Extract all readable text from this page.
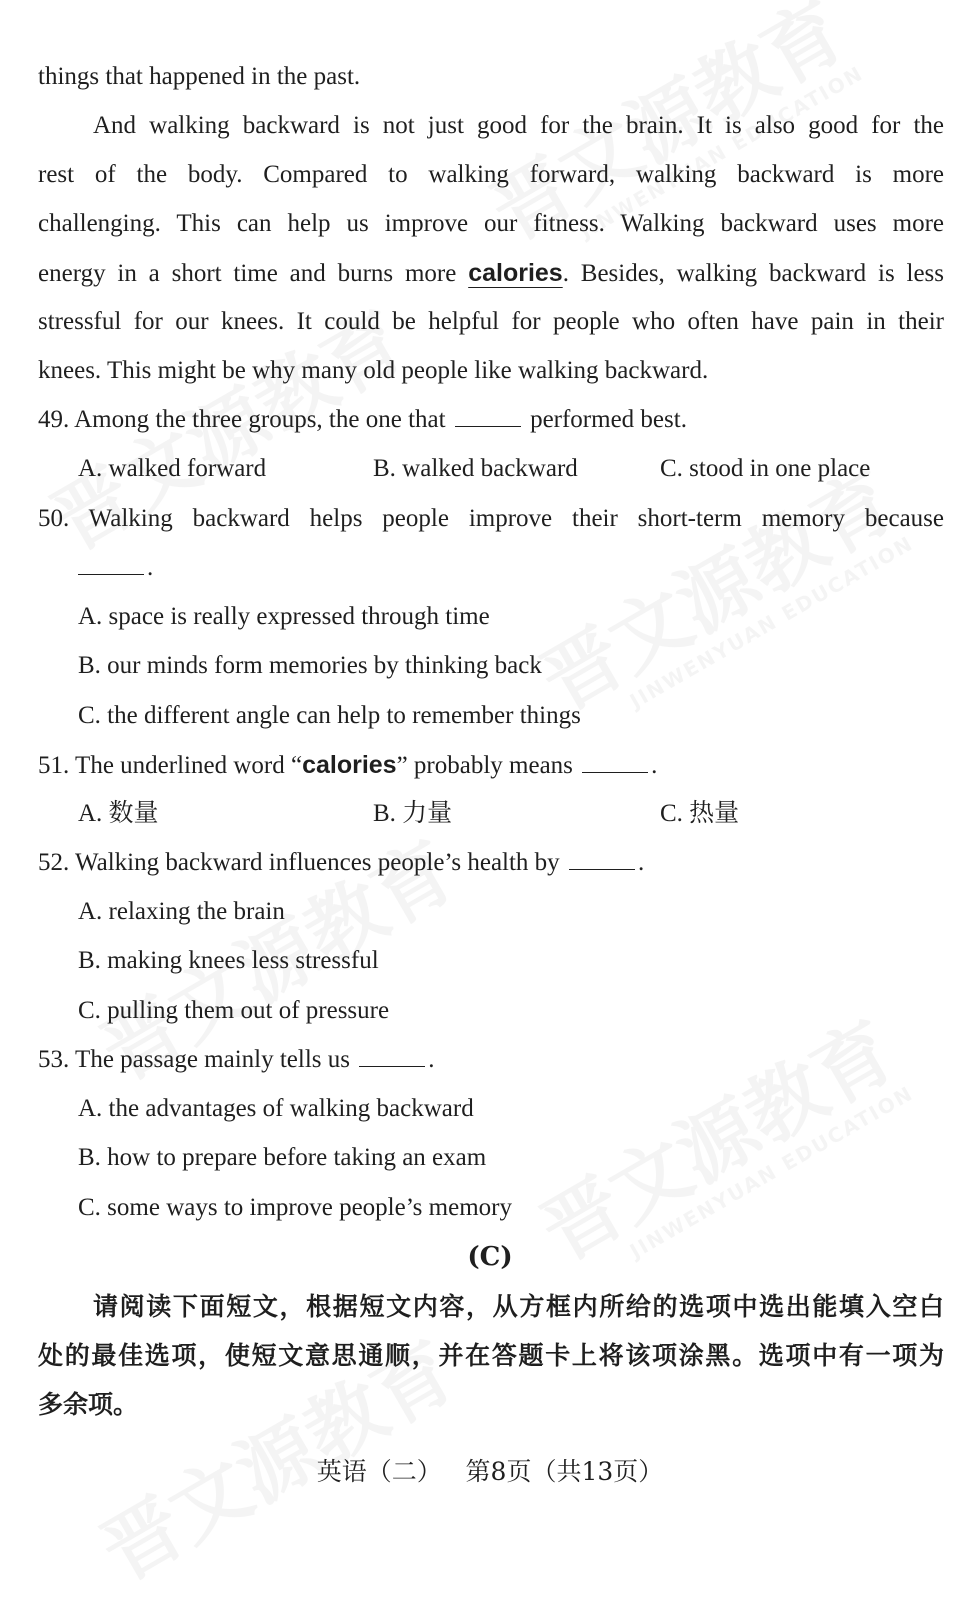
things that happened in the past.
And walking backward is not just good for the brain. It is also good for the
rest of the body. Compared to walking forward, walking backward is more
challenging. This can help us improve our fitness. Walking backward uses more
energy in a short time and burns more calories. Besides, walking backward is less
stressful for our knees. It could be helpful for people who often have pain in their
knees. This might be why many old people like walking backward.
49. Among the three groups, the one that	performed best.
A. walked forward	B. walked backward	C. stood in one place
50. Walking backward helps people improve their short-term memory because
.
A. space is really expressed through time
B. our minds form memories by thinking back
C. the different angle can help to remember things
51. The underlined word “calories” probably means	.
A. 数量	B. 力量	C. 热量
52. Walking backward influences people’s health by	.
A. relaxing the brain
B. making knees less stressful
C. pulling them out of pressure
53. The passage mainly tells us	.
A. the advantages of walking backward
B. how to prepare before taking an exam
C. some ways to improve people’s memory
(C)
请阅读下面短文，根据短文内容，从方框内所给的选项中选出能填入空白
处的最佳选项，使短文意思通顺，并在答题卡上将该项涂黑。选项中有一项为
多余项。
英语（二）   第8页（共13页）
